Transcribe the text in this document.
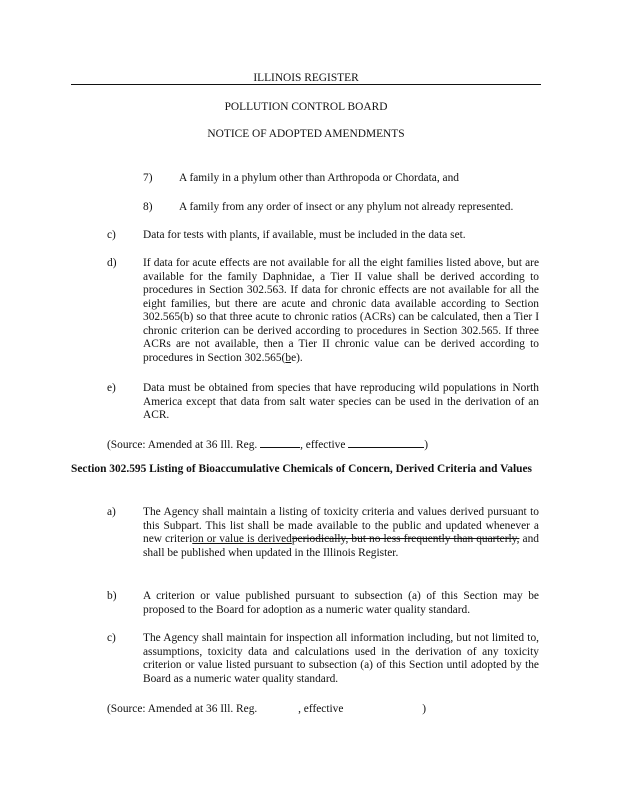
ILLINOIS REGISTER
POLLUTION CONTROL BOARD
NOTICE OF ADOPTED AMENDMENTS
7) A family in a phylum other than Arthropoda or Chordata, and
8) A family from any order of insect or any phylum not already represented.
c) Data for tests with plants, if available, must be included in the data set.
d) If data for acute effects are not available for all the eight families listed above, but are available for the family Daphnidae, a Tier II value shall be derived according to procedures in Section 302.563. If data for chronic effects are not available for all the eight families, but there are acute and chronic data available according to Section 302.565(b) so that three acute to chronic ratios (ACRs) can be calculated, then a Tier I chronic criterion can be derived according to procedures in Section 302.565. If three ACRs are not available, then a Tier II chronic value can be derived according to procedures in Section 302.565(be).
e) Data must be obtained from species that have reproducing wild populations in North America except that data from salt water species can be used in the derivation of an ACR.
(Source: Amended at 36 Ill. Reg.	, effective	)
Section 302.595 Listing of Bioaccumulative Chemicals of Concern, Derived Criteria and Values
a) The Agency shall maintain a listing of toxicity criteria and values derived pursuant to this Subpart. This list shall be made available to the public and updated whenever a new criterion or value is derivedperiodically, but no less frequently than quarterly, and shall be published when updated in the Illinois Register.
b) A criterion or value published pursuant to subsection (a) of this Section may be proposed to the Board for adoption as a numeric water quality standard.
c) The Agency shall maintain for inspection all information including, but not limited to, assumptions, toxicity data and calculations used in the derivation of any toxicity criterion or value listed pursuant to subsection (a) of this Section until adopted by the Board as a numeric water quality standard.
(Source: Amended at 36 Ill. Reg.	, effective	)
